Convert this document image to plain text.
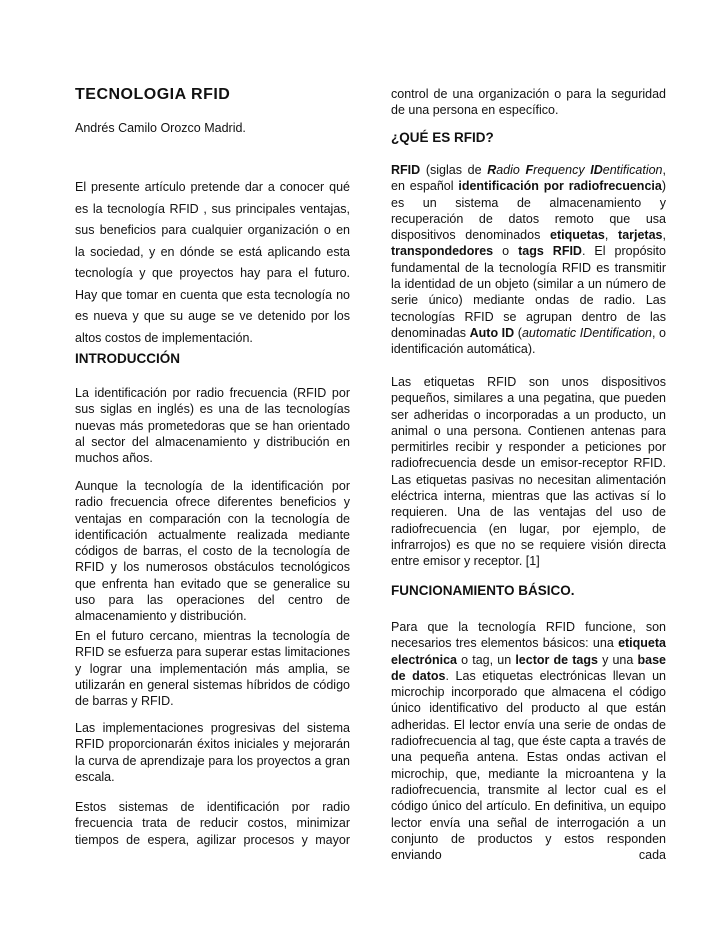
TECNOLOGIA RFID
Andrés Camilo Orozco Madrid.

El presente artículo pretende dar a conocer qué es la tecnología RFID , sus principales ventajas, sus beneficios para cualquier organización o en la sociedad, y en dónde se está aplicando esta tecnología y que proyectos hay para el futuro. Hay que tomar en cuenta que esta tecnología no es nueva y que su auge se ve detenido por los altos costos de implementación.

INTRODUCCIÓN

La identificación por radio frecuencia (RFID por sus siglas en inglés) es una de las tecnologías nuevas más prometedoras que se han orientado al sector del almacenamiento y distribución en muchos años.

Aunque la tecnología de la identificación por radio frecuencia ofrece diferentes beneficios y ventajas en comparación con la tecnología de identificación actualmente realizada mediante códigos de barras, el costo de la tecnología de RFID y los numerosos obstáculos tecnológicos que enfrenta han evitado que se generalice su uso para las operaciones del centro de almacenamiento y distribución.

En el futuro cercano, mientras la tecnología de RFID se esfuerza para superar estas limitaciones y lograr una implementación más amplia, se utilizarán en general sistemas híbridos de código de barras y RFID.

Las implementaciones progresivas del sistema RFID proporcionarán éxitos iniciales y mejorarán la curva de aprendizaje para los proyectos a gran escala.

Estos sistemas de identificación por radio frecuencia trata de reducir costos, minimizar tiempos de espera, agilizar procesos y mayor

control de una organización o para la seguridad de una persona en específico.

¿QUÉ ES RFID?

RFID (siglas de Radio Frequency IDentification, en español identificación por radiofrecuencia) es un sistema de almacenamiento y recuperación de datos remoto que usa dispositivos denominados etiquetas, tarjetas, transpondedores o tags RFID. El propósito fundamental de la tecnología RFID es transmitir la identidad de un objeto (similar a un número de serie único) mediante ondas de radio. Las tecnologías RFID se agrupan dentro de las denominadas Auto ID (automatic IDentification, o identificación automática).

Las etiquetas RFID son unos dispositivos pequeños, similares a una pegatina, que pueden ser adheridas o incorporadas a un producto, un animal o una persona. Contienen antenas para permitirles recibir y responder a peticiones por radiofrecuencia desde un emisor-receptor RFID. Las etiquetas pasivas no necesitan alimentación eléctrica interna, mientras que las activas sí lo requieren. Una de las ventajas del uso de radiofrecuencia (en lugar, por ejemplo, de infrarrojos) es que no se requiere visión directa entre emisor y receptor. [1]

FUNCIONAMIENTO BÁSICO.

Para que la tecnología RFID funcione, son necesarios tres elementos básicos: una etiqueta electrónica o tag, un lector de tags y una base de datos. Las etiquetas electrónicas llevan un microchip incorporado que almacena el código único identificativo del producto al que están adheridas. El lector envía una serie de ondas de radiofrecuencia al tag, que éste capta a través de una pequeña antena. Estas ondas activan el microchip, que, mediante la microantena y la radiofrecuencia, transmite al lector cual es el código único del artículo. En definitiva, un equipo lector envía una señal de interrogación a un conjunto de productos y estos responden enviando cada
